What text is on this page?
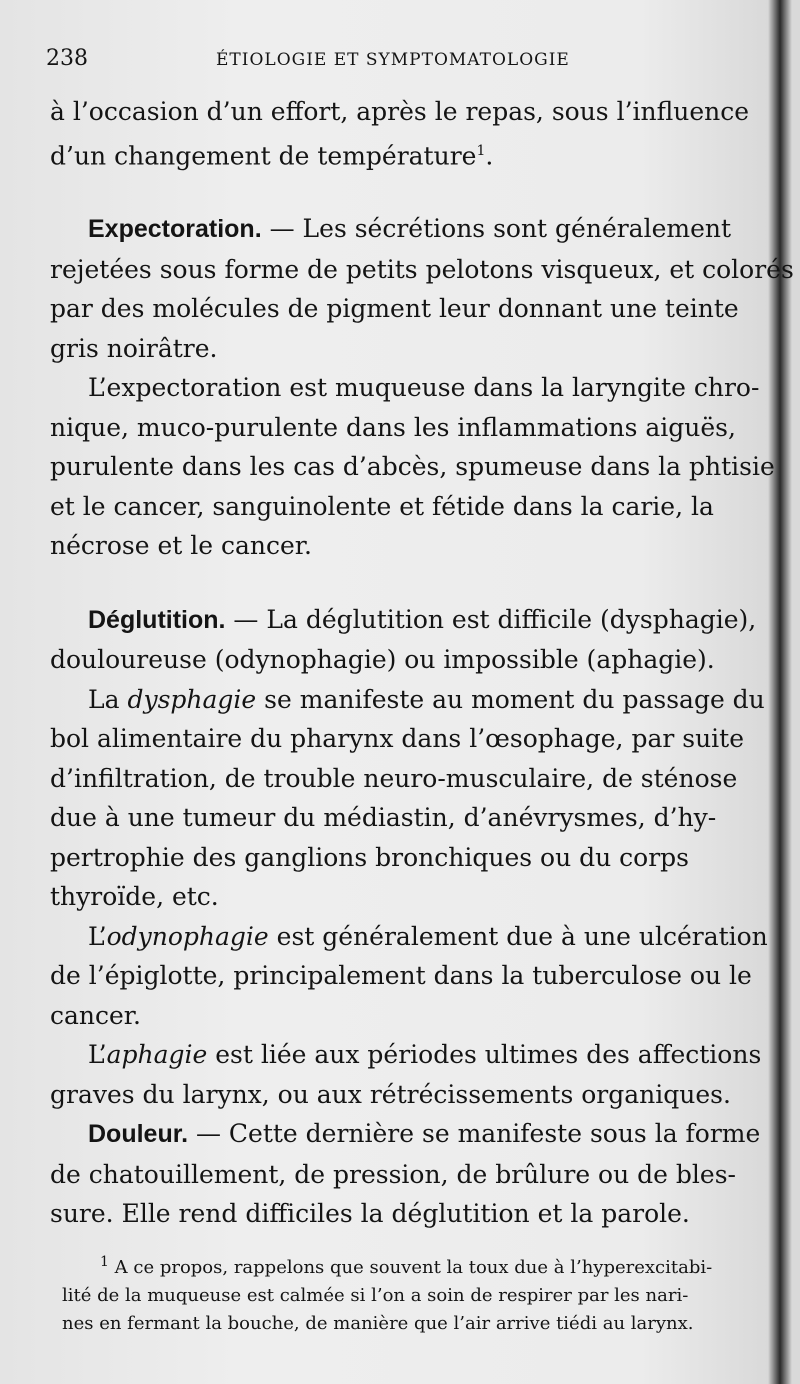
238	ÉTIOLOGIE ET SYMPTOMATOLOGIE
à l’occasion d’un effort, après le repas, sous l’influence
d’un changement de température$^1$.
Expectoration. — Les sécrétions sont généralement
rejetées sous forme de petits pelotons visqueux, et colorés
par des molécules de pigment leur donnant une teinte
gris noirâtre.
L’expectoration est muqueuse dans la laryngite chro-
nique, muco-purulente dans les inflammations aiguës,
purulente dans les cas d’abcès, spumeuse dans la phtisie
et le cancer, sanguinolente et fétide dans la carie, la
nécrose et le cancer.
Déglutition. — La déglutition est difficile (dysphagie),
douloureuse (odynophagie) ou impossible (aphagie).
La dysphagie se manifeste au moment du passage du
bol alimentaire du pharynx dans l’œsophage, par suite
d’infiltration, de trouble neuro-musculaire, de sténose
due à une tumeur du médiastin, d’anévrysmes, d’hy-
pertrophie des ganglions bronchiques ou du corps
thyroïde, etc.
L’odynophagie est généralement due à une ulcération
de l’épiglotte, principalement dans la tuberculose ou le
cancer.
L’aphagie est liée aux périodes ultimes des affections
graves du larynx, ou aux rétrécissements organiques.
Douleur. — Cette dernière se manifeste sous la forme
de chatouillement, de pression, de brûlure ou de bles-
sure. Elle rend difficiles la déglutition et la parole.
$^1$ A ce propos, rappelons que souvent la toux due à l’hyperexcitabi-
lité de la muqueuse est calmée si l’on a soin de respirer par les nari-
nes en fermant la bouche, de manière que l’air arrive tiédi au larynx.
